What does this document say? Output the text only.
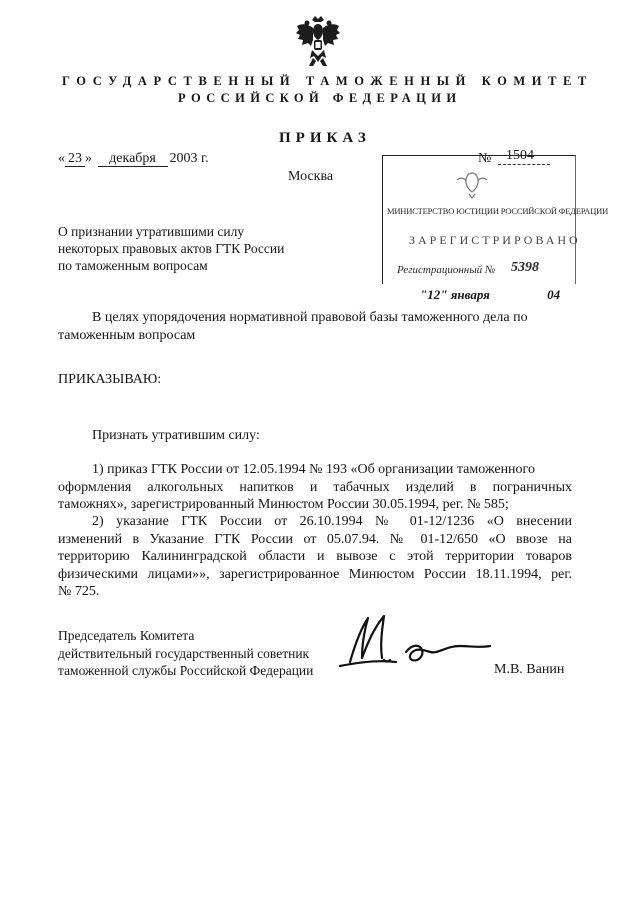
ГОСУДАРСТВЕННЫЙ ТАМОЖЕННЫЙ КОМИТЕТ
РОССИЙСКОЙ ФЕДЕРАЦИИ
ПРИКАЗ
« 23 » декабря 2003 г.
Москва
№	1504
О признании утратившими силу
некоторых правовых актов ГТК России
по таможенным вопросам
МИНИСТЕРСТВО ЮСТИЦИИ РОССИЙСКОЙ ФЕДЕРАЦИИ
ЗАРЕГИСТРИРОВАНО
Регистрационный № 5398
"12" января	04
В целях упорядочения нормативной правовой базы таможенного дела по
таможенным вопросам
ПРИКАЗЫВАЮ:
Признать утратившим силу:
1) приказ ГТК России от 12.05.1994 № 193 «Об организации таможенного
оформления алкогольных напитков и табачных изделий в пограничных
таможнях», зарегистрированный Минюстом России 30.05.1994, рег. № 585;
2) указание ГТК России от 26.10.1994 № 01-12/1236 «О внесении
изменений в Указание ГТК России от 05.07.94. № 01-12/650 «О ввозе на
территорию Калининградской области и вывозе с этой территории товаров
физическими лицами»», зарегистрированное Минюстом России 18.11.1994, рег.
№ 725.
Председатель Комитета
действительный государственный советник
таможенной службы Российской Федерации	М.В. Ванин
